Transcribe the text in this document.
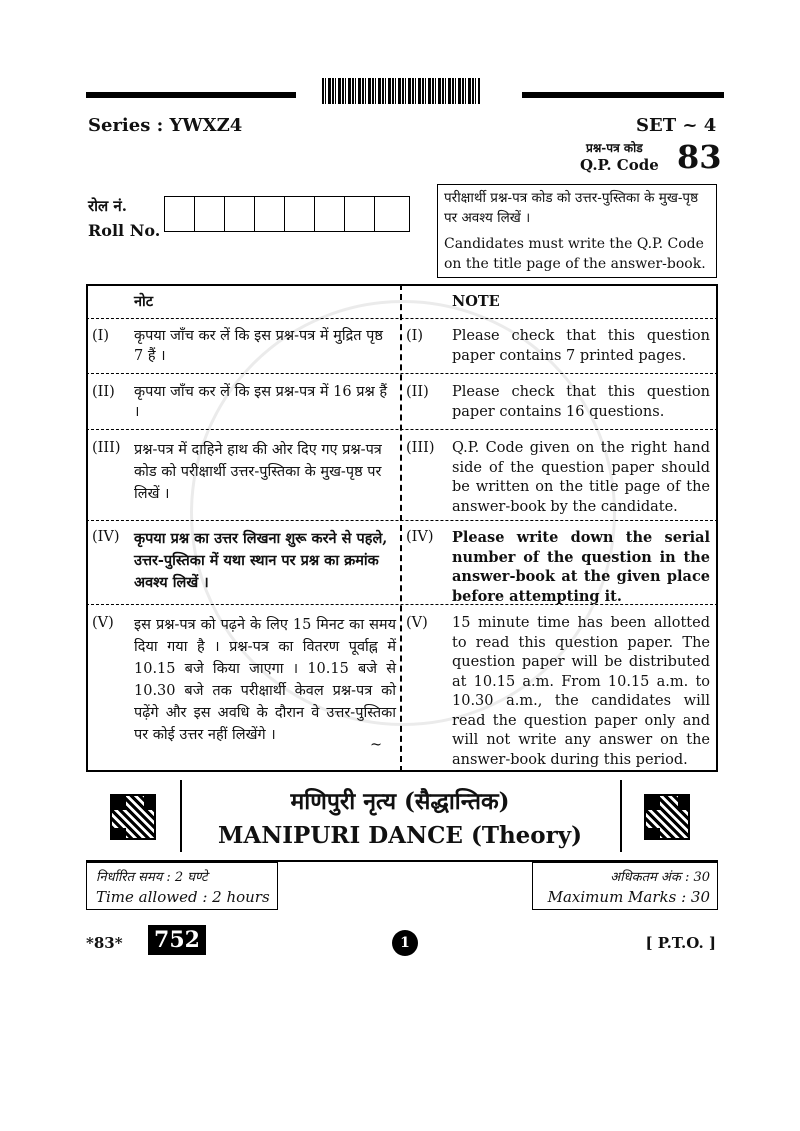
Series : YWXZ4	SET ~ 4
प्रश्न-पत्र कोड
Q.P. Code 83
रोल नं.
Roll No.
परीक्षार्थी प्रश्न-पत्र कोड को उत्तर-पुस्तिका के मुख-पृष्ठ पर अवश्य लिखें ।
Candidates must write the Q.P. Code on the title page of the answer-book.
नोट	NOTE
(I) कृपया जाँच कर लें कि इस प्रश्न-पत्र में मुद्रित पृष्ठ 7 हैं ।
(I) Please check that this question paper contains 7 printed pages.
(II) कृपया जाँच कर लें कि इस प्रश्न-पत्र में 16 प्रश्न हैं ।
(II) Please check that this question paper contains 16 questions.
(III) प्रश्न-पत्र में दाहिने हाथ की ओर दिए गए प्रश्न-पत्र कोड को परीक्षार्थी उत्तर-पुस्तिका के मुख-पृष्ठ पर लिखें ।
(III) Q.P. Code given on the right hand side of the question paper should be written on the title page of the answer-book by the candidate.
(IV) कृपया प्रश्न का उत्तर लिखना शुरू करने से पहले, उत्तर-पुस्तिका में यथा स्थान पर प्रश्न का क्रमांक अवश्य लिखें ।
(IV) Please write down the serial number of the question in the answer-book at the given place before attempting it.
(V) इस प्रश्न-पत्र को पढ़ने के लिए 15 मिनट का समय दिया गया है । प्रश्न-पत्र का वितरण पूर्वाह्न में 10.15 बजे किया जाएगा । 10.15 बजे से 10.30 बजे तक परीक्षार्थी केवल प्रश्न-पत्र को पढ़ेंगे और इस अवधि के दौरान वे उत्तर-पुस्तिका पर कोई उत्तर नहीं लिखेंगे ।
~
(V) 15 minute time has been allotted to read this question paper. The question paper will be distributed at 10.15 a.m. From 10.15 a.m. to 10.30 a.m., the candidates will read the question paper only and will not write any answer on the answer-book during this period.
मणिपुरी नृत्य (सैद्धान्तिक)
MANIPURI DANCE (Theory)
निर्धारित समय : 2 घण्टे
Time allowed : 2 hours
अधिकतम अंक : 30
Maximum Marks : 30
*83* 752	1	[ P.T.O. ]
